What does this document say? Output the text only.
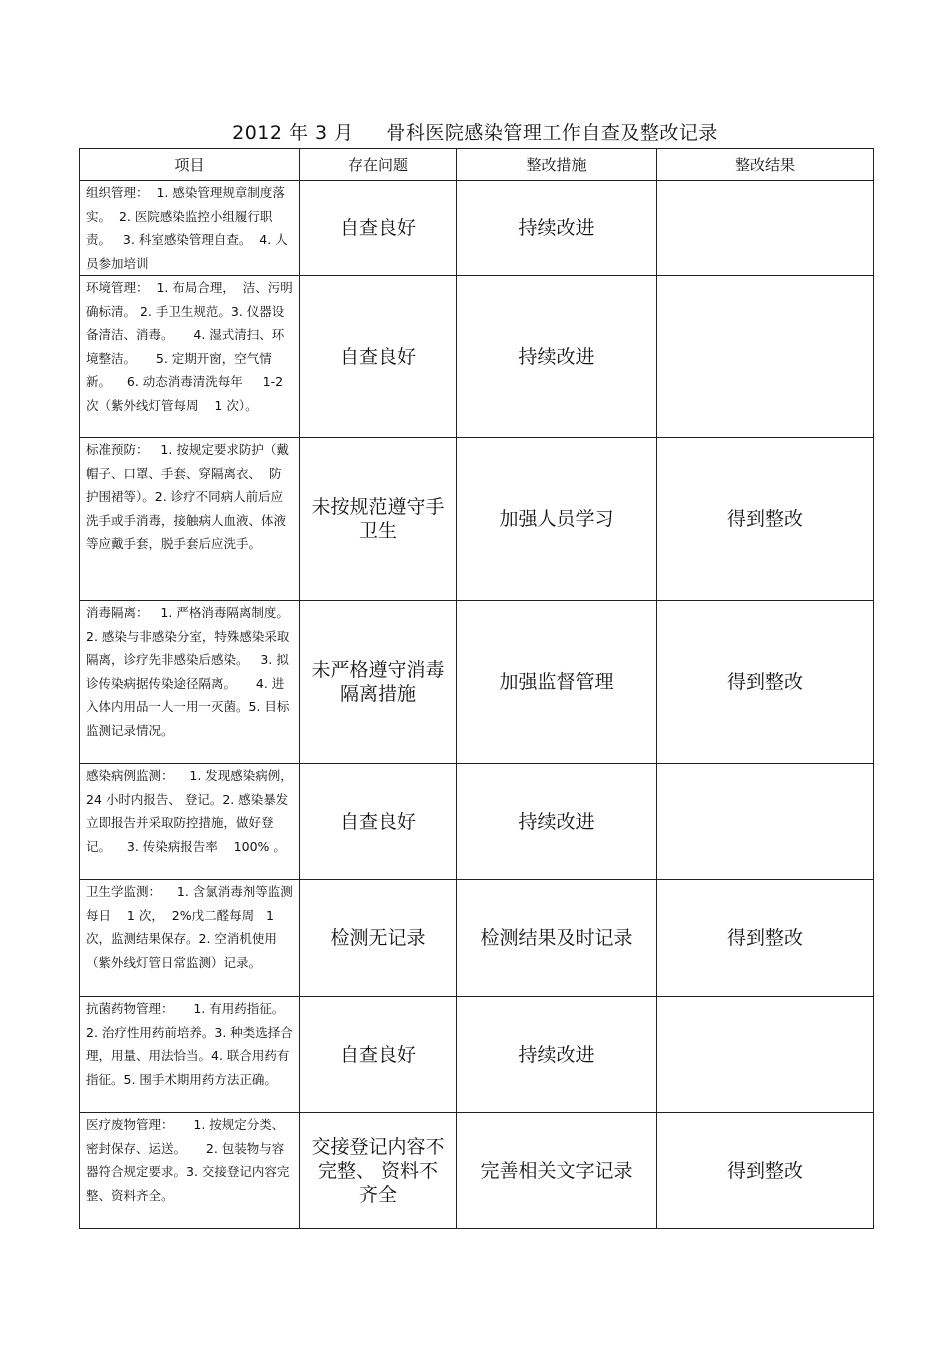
2012 年 3 月     骨科医院感染管理工作自查及整改记录
项目	存在问题	整改措施	整改结果
组织管理：  1. 感染管理规章制度落实。  2. 医院感染监控小组履行职责。   3. 科室感染管理自查。  4. 人员参加培训	自查良好	持续改进	
环境管理：  1. 布局合理，  洁、污明确标清。 2. 手卫生规范。3. 仪器设备清洁、消毒。     4. 湿式清扫、环境整洁。     5. 定期开窗，空气情新。    6. 动态消毒清洗每年     1-2  次（紫外线灯管每周    1 次）。	自查良好	持续改进	
标准预防：   1. 按规定要求防护（戴帽子、口罩、手套、穿隔离衣、  防护围裙等）。2. 诊疗不同病人前后应洗手或手消毒，接触病人血液、体液等应戴手套，脱手套后应洗手。	未按规范遵守手卫生	加强人员学习	得到整改
消毒隔离：   1. 严格消毒隔离制度。2. 感染与非感染分室，特殊感染采取隔离，诊疗先非感染后感染。   3. 拟诊传染病据传染途径隔离。     4. 进入体内用品一人一用一灭菌。5. 目标监测记录情况。	未严格遵守消毒隔离措施	加强监督管理	得到整改
感染病例监测：    1. 发现感染病例，24 小时内报告、 登记。2. 感染暴发立即报告并采取防控措施，做好登记。    3. 传染病报告率    100% 。	自查良好	持续改进	
卫生学监测：    1. 含氯消毒剂等监测每日    1 次，  2%戊二醛每周   1 次，监测结果保存。2. 空消机使用（紫外线灯管日常监测）记录。	检测无记录	检测结果及时记录	得到整改
抗菌药物管理：     1. 有用药指征。 2. 治疗性用药前培养。3. 种类选择合理，用量、用法恰当。4. 联合用药有指征。5. 围手术期用药方法正确。	自查良好	持续改进	
医疗废物管理：     1. 按规定分类、密封保存、运送。     2. 包装物与容器符合规定要求。3. 交接登记内容完整、资料齐全。	交接登记内容不完整、 资料不齐全	完善相关文字记录	得到整改
